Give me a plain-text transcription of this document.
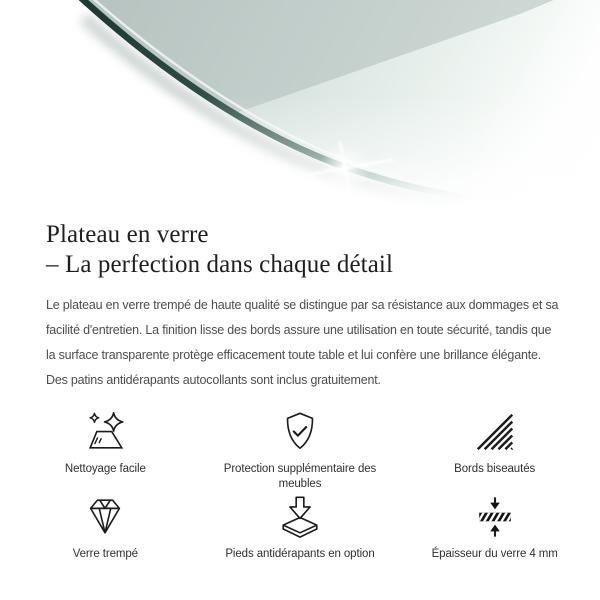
Plateau en verre
– La perfection dans chaque détail
Le plateau en verre trempé de haute qualité se distingue par sa résistance aux dommages et sa
facilité d'entretien. La finition lisse des bords assure une utilisation en toute sécurité, tandis que
la surface transparente protège efficacement toute table et lui confère une brillance élégante.
Des patins antidérapants autocollants sont inclus gratuitement.
Nettoyage facile	Protection supplémentaire des meubles
Bords biseautés
Verre trempé	Pieds antidérapants en option	Épaisseur du verre 4 mm
